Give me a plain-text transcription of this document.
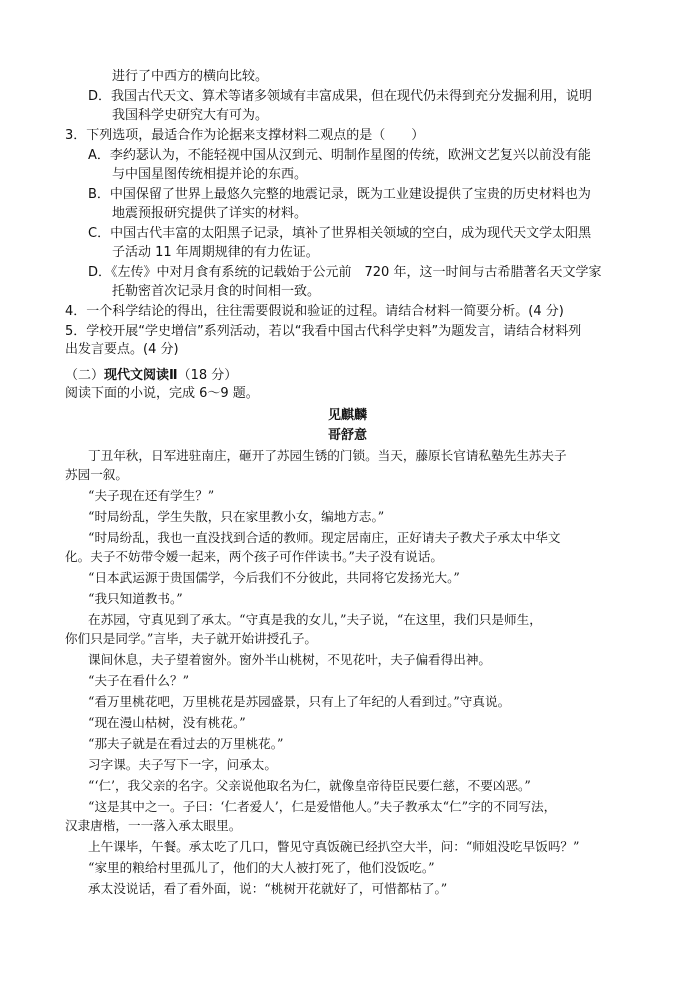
进行了中西方的横向比较。
D．我国古代天文、算术等诸多领域有丰富成果，但在现代仍未得到充分发掘利用，说明
我国科学史研究大有可为。
3．下列选项，最适合作为论据来支撑材料二观点的是（　　）
A．李约瑟认为，不能轻视中国从汉到元、明制作星图的传统，欧洲文艺复兴以前没有能
与中国星图传统相提并论的东西。
B．中国保留了世界上最悠久完整的地震记录，既为工业建设提供了宝贵的历史材料也为
地震预报研究提供了详实的材料。
C．中国古代丰富的太阳黑子记录，填补了世界相关领域的空白，成为现代天文学太阳黑
子活动 11 年周期规律的有力佐证。
D．《左传》中对月食有系统的记载始于公元前　720 年，这一时间与古希腊著名天文学家
托勒密首次记录月食的时间相一致。
4．一个科学结论的得出，往往需要假说和验证的过程。请结合材料一简要分析。(4 分)
5．学校开展“学史增信”系列活动，若以“我看中国古代科学史料”为题发言，请结合材料列
出发言要点。(4 分)
（二）现代文阅读Ⅱ（18 分）
阅读下面的小说，完成 6～9 题。
见麒麟
哥舒意
丁丑年秋，日军进驻南庄，砸开了苏园生锈的门锁。当天，藤原长官请私塾先生苏夫子
苏园一叙。
“夫子现在还有学生？”
“时局纷乱，学生失散，只在家里教小女，编地方志。”
“时局纷乱，我也一直没找到合适的教师。现定居南庄，正好请夫子教犬子承太中华文
化。夫子不妨带令嫒一起来，两个孩子可作伴读书。”夫子没有说话。
“日本武运源于贵国儒学，今后我们不分彼此，共同将它发扬光大。”
“我只知道教书。”
在苏园，守真见到了承太。“守真是我的女儿，”夫子说，“在这里，我们只是师生，
你们只是同学。”言毕，夫子就开始讲授孔子。
课间休息，夫子望着窗外。窗外半山桃树，不见花叶，夫子偏看得出神。
“夫子在看什么？”
“看万里桃花吧，万里桃花是苏园盛景，只有上了年纪的人看到过。”守真说。
“现在漫山枯树，没有桃花。”
“那夫子就是在看过去的万里桃花。”
习字课。夫子写下一字，问承太。
“‘仁’，我父亲的名字。父亲说他取名为仁，就像皇帝待臣民要仁慈，不要凶恶。”
“这是其中之一。子曰：‘仁者爱人’，仁是爱惜他人。”夫子教承太“仁”字的不同写法，
汉隶唐楷，一一落入承太眼里。
上午课毕，午餐。承太吃了几口，瞥见守真饭碗已经扒空大半，问：“师姐没吃早饭吗？”
“家里的粮给村里孤儿了，他们的大人被打死了，他们没饭吃。”
承太没说话，看了看外面，说：“桃树开花就好了，可惜都枯了。”
